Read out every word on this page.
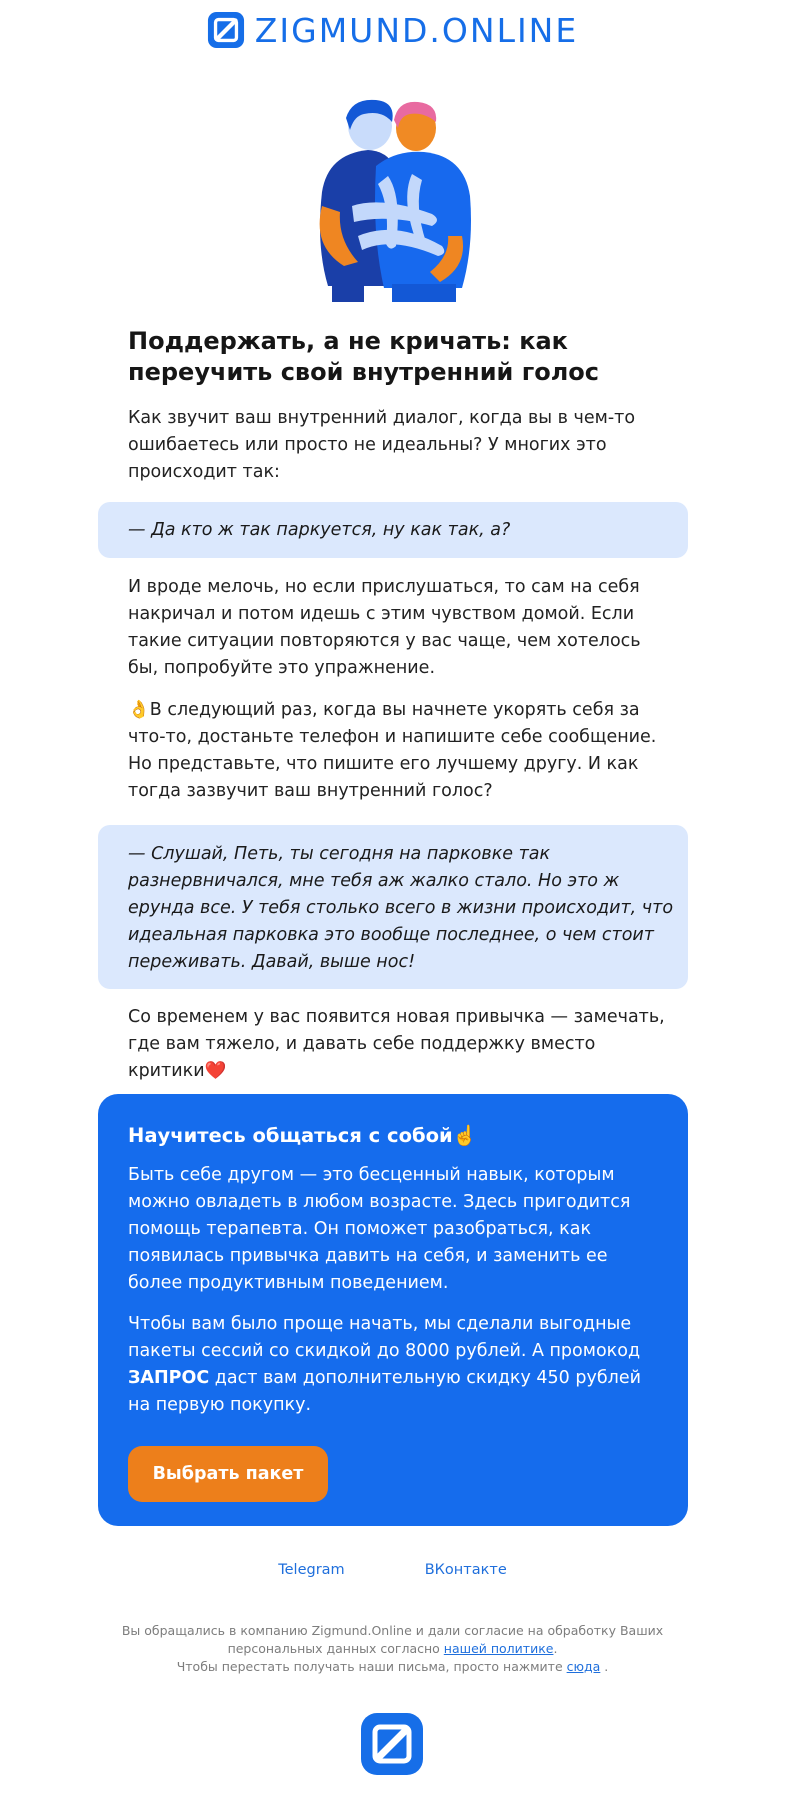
ZIGMUND.ONLINE
Поддержать, а не кричать: как переучить свой внутренний голос

Как звучит ваш внутренний диалог, когда вы в чем-то ошибаетесь или просто не идеальны? У многих это происходит так:

— Да кто ж так паркуется, ну как так, а?

И вроде мелочь, но если прислушаться, то сам на себя накричал и потом идешь с этим чувством домой. Если такие ситуации повторяются у вас чаще, чем хотелось бы, попробуйте это упражнение.

👌В следующий раз, когда вы начнете укорять себя за что-то, достаньте телефон и напишите себе сообщение. Но представьте, что пишите его лучшему другу. И как тогда зазвучит ваш внутренний голос?

— Слушай, Петь, ты сегодня на парковке так разнервничался, мне тебя аж жалко стало. Но это ж ерунда все. У тебя столько всего в жизни происходит, что идеальная парковка это вообще последнее, о чем стоит переживать. Давай, выше нос!

Со временем у вас появится новая привычка — замечать, где вам тяжело, и давать себе поддержку вместо критики❤️

Научитесь общаться с собой☝️

Быть себе другом — это бесценный навык, которым можно овладеть в любом возрасте. Здесь пригодится помощь терапевта. Он поможет разобраться, как появилась привычка давить на себя, и заменить ее более продуктивным поведением.

Чтобы вам было проще начать, мы сделали выгодные пакеты сессий со скидкой до 8000 рублей. А промокод ЗАПРОС даст вам дополнительную скидку 450 рублей на первую покупку.

Выбрать пакет
Telegram	ВКонтакте
Вы обращались в компанию Zigmund.Online и дали согласие на обработку Ваших персональных данных согласно нашей политике.
Чтобы перестать получать наши письма, просто нажмите сюда .
